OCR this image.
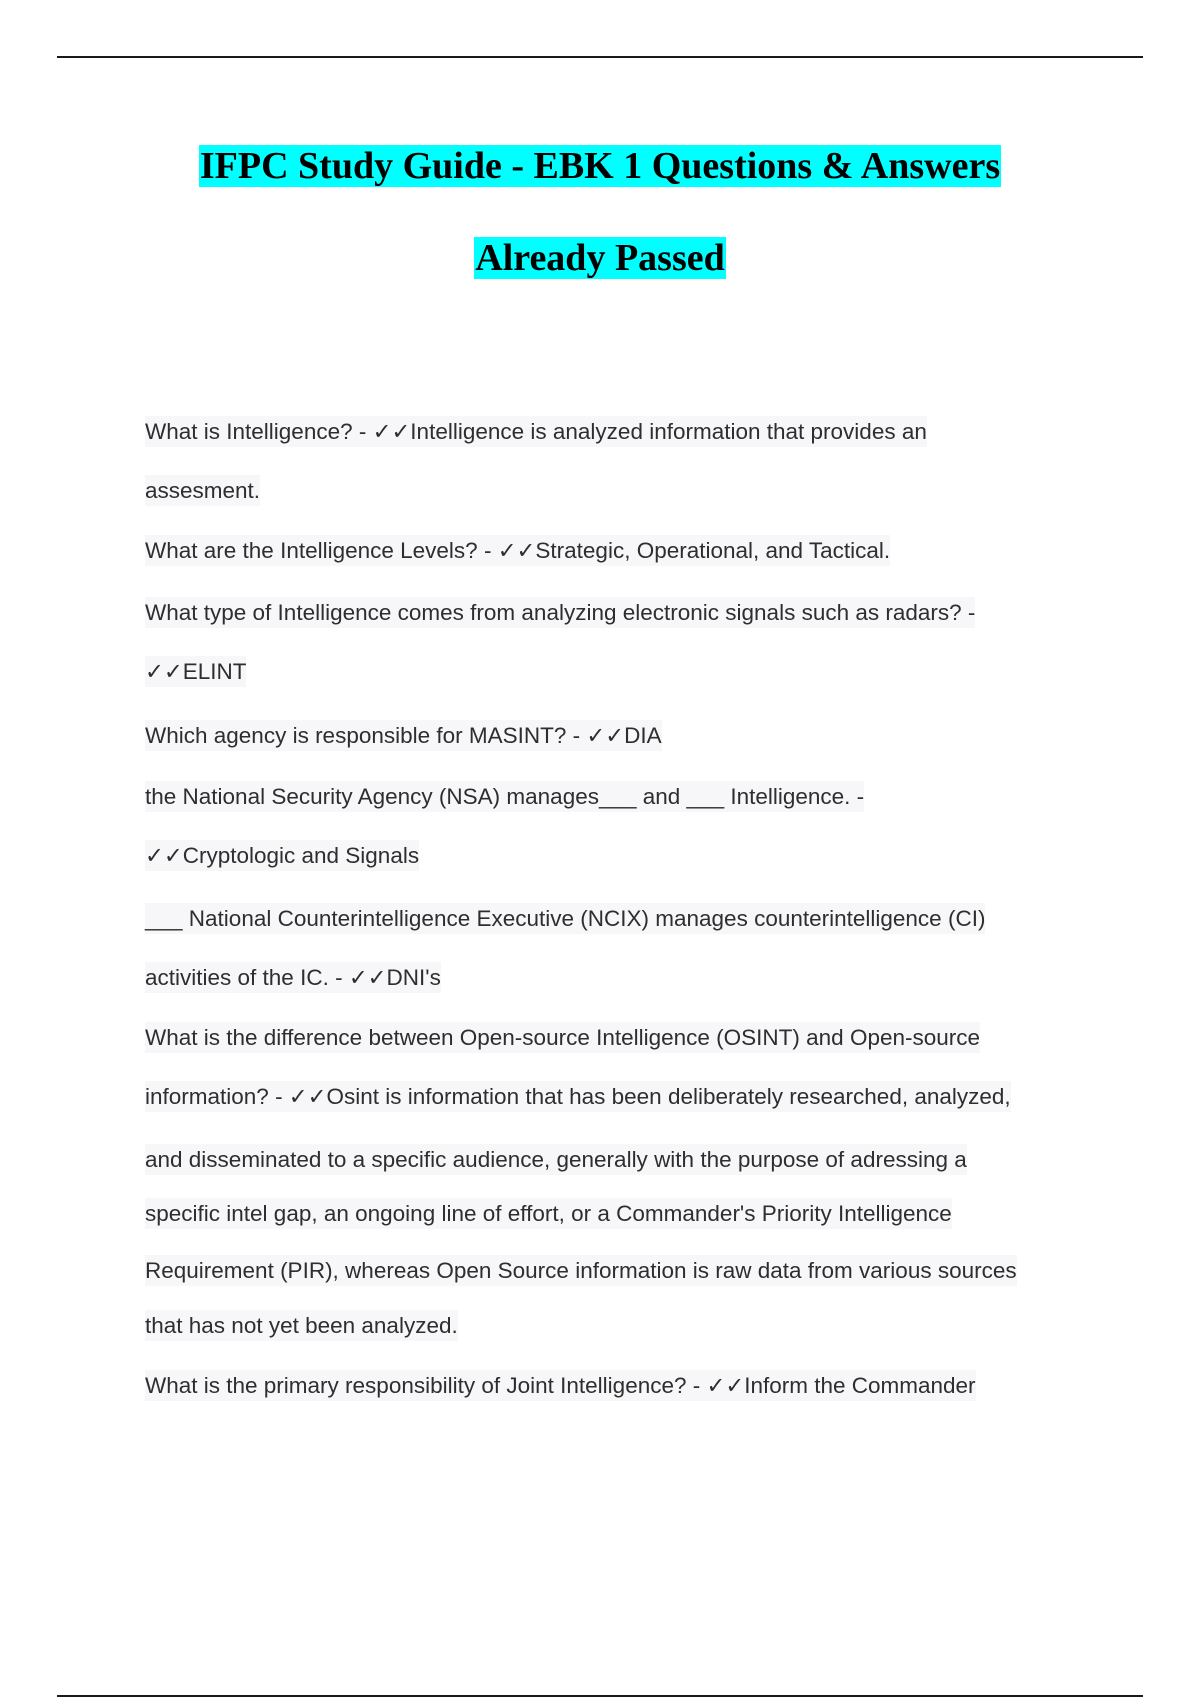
IFPC Study Guide - EBK 1 Questions & Answers
Already Passed
What is Intelligence? - ✓✓Intelligence is analyzed information that provides an
assesment.
What are the Intelligence Levels? - ✓✓Strategic, Operational, and Tactical.
What type of Intelligence comes from analyzing electronic signals such as radars? -
✓✓ELINT
Which agency is responsible for MASINT? - ✓✓DIA
the National Security Agency (NSA) manages___ and ___ Intelligence. -
✓✓Cryptologic and Signals
___ National Counterintelligence Executive (NCIX) manages counterintelligence (CI)
activities of the IC. - ✓✓DNI's
What is the difference between Open-source Intelligence (OSINT) and Open-source
information? - ✓✓Osint is information that has been deliberately researched, analyzed,
and disseminated to a specific audience, generally with the purpose of adressing a
specific intel gap, an ongoing line of effort, or a Commander's Priority Intelligence
Requirement (PIR), whereas Open Source information is raw data from various sources
that has not yet been analyzed.
What is the primary responsibility of Joint Intelligence? - ✓✓Inform the Commander
